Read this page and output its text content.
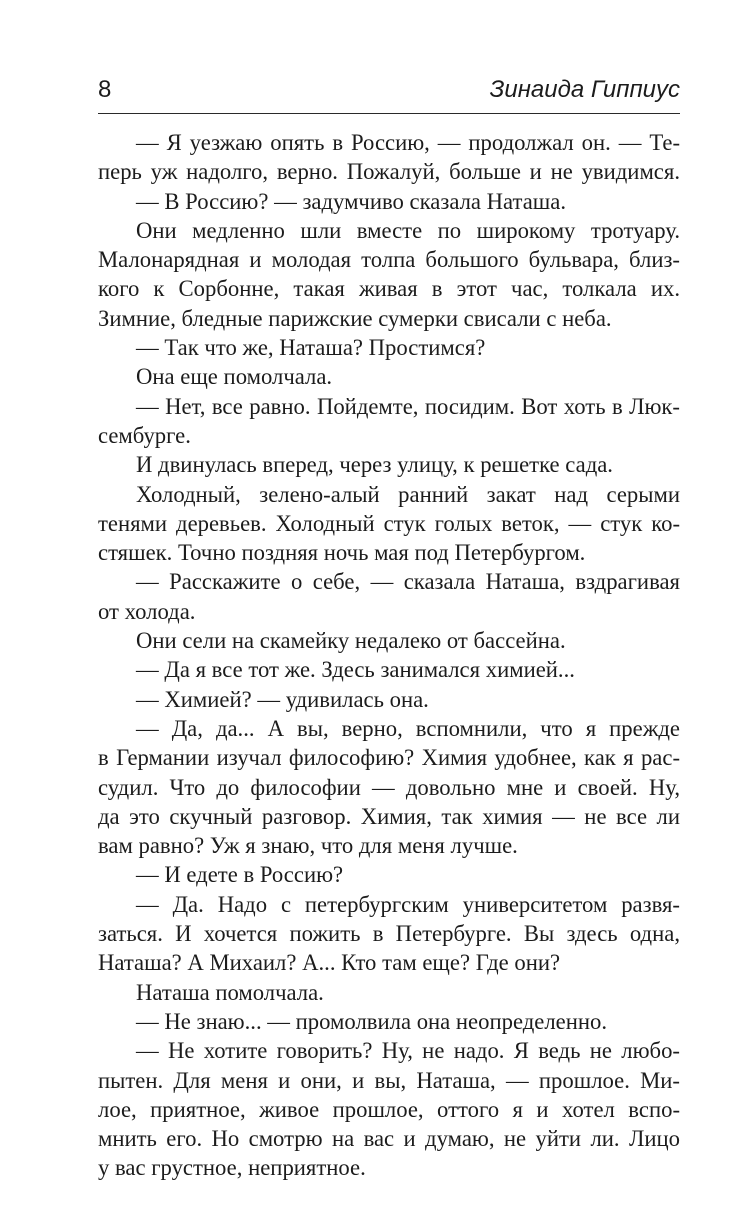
8	Зинаида Гиппиус
— Я уезжаю опять в Россию, — продолжал он. — Те-
перь уж надолго, верно. Пожалуй, больше и не увидимся.
— В Россию? — задумчиво сказала Наташа.
Они медленно шли вместе по широкому тротуару.
Малонарядная и молодая толпа большого бульвара, близ-
кого к Сорбонне, такая живая в этот час, толкала их.
Зимние, бледные парижские сумерки свисали с неба.
— Так что же, Наташа? Простимся?
Она еще помолчала.
— Нет, все равно. Пойдемте, посидим. Вот хоть в Люк-
сембурге.
И двинулась вперед, через улицу, к решетке сада.
Холодный, зелено-алый ранний закат над серыми
тенями деревьев. Холодный стук голых веток, — стук ко-
стяшек. Точно поздняя ночь мая под Петербургом.
— Расскажите о себе, — сказала Наташа, вздрагивая
от холода.
Они сели на скамейку недалеко от бассейна.
— Да я все тот же. Здесь занимался химией...
— Химией? — удивилась она.
— Да, да... А вы, верно, вспомнили, что я прежде
в Германии изучал философию? Химия удобнее, как я рас-
судил. Что до философии — довольно мне и своей. Ну,
да это скучный разговор. Химия, так химия — не все ли
вам равно? Уж я знаю, что для меня лучше.
— И едете в Россию?
— Да. Надо с петербургским университетом развя-
заться. И хочется пожить в Петербурге. Вы здесь одна,
Наташа? А Михаил? А... Кто там еще? Где они?
Наташа помолчала.
— Не знаю... — промолвила она неопределенно.
— Не хотите говорить? Ну, не надо. Я ведь не любо-
пытен. Для меня и они, и вы, Наташа, — прошлое. Ми-
лое, приятное, живое прошлое, оттого я и хотел вспо-
мнить его. Но смотрю на вас и думаю, не уйти ли. Лицо
у вас грустное, неприятное.
